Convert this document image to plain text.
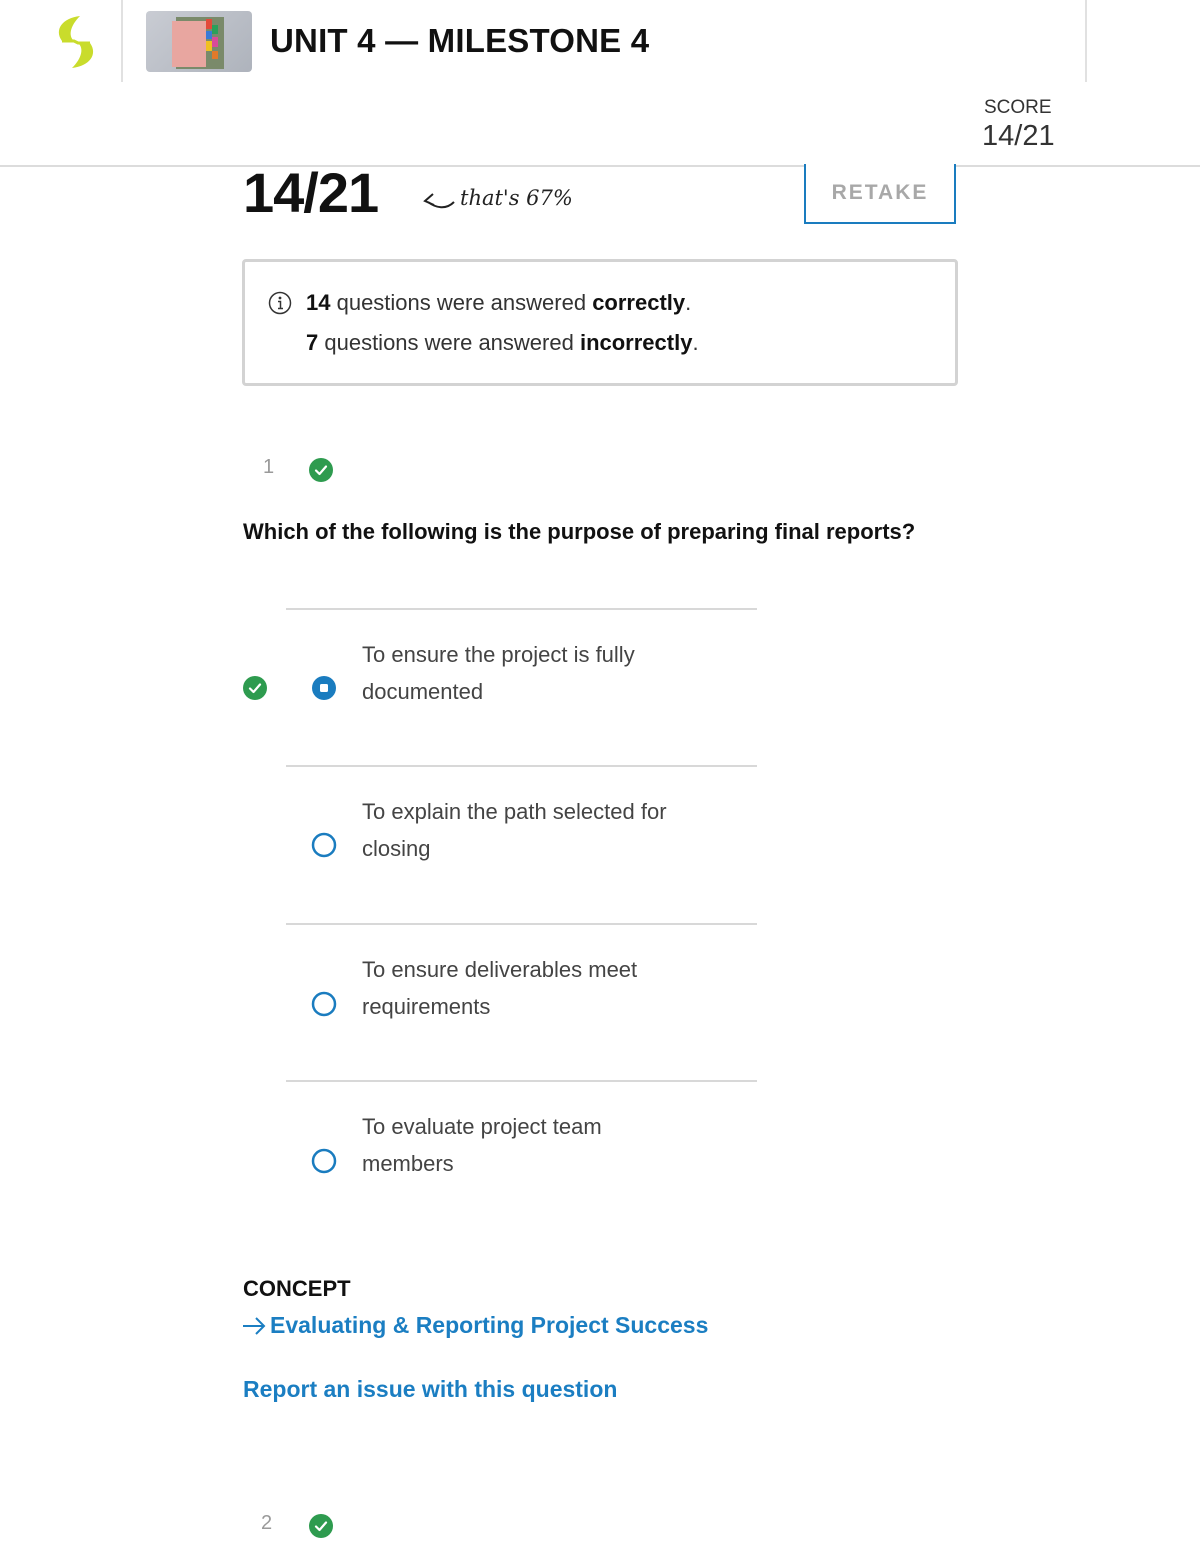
UNIT 4 — MILESTONE 4
SCORE
14/21
14/21	that's 67%	RETAKE
14 questions were answered correctly.
7 questions were answered incorrectly.
1
Which of the following is the purpose of preparing final reports?
To ensure the project is fully
documented
To explain the path selected for
closing
To ensure deliverables meet
requirements
To evaluate project team
members
CONCEPT
Evaluating & Reporting Project Success
Report an issue with this question
2
